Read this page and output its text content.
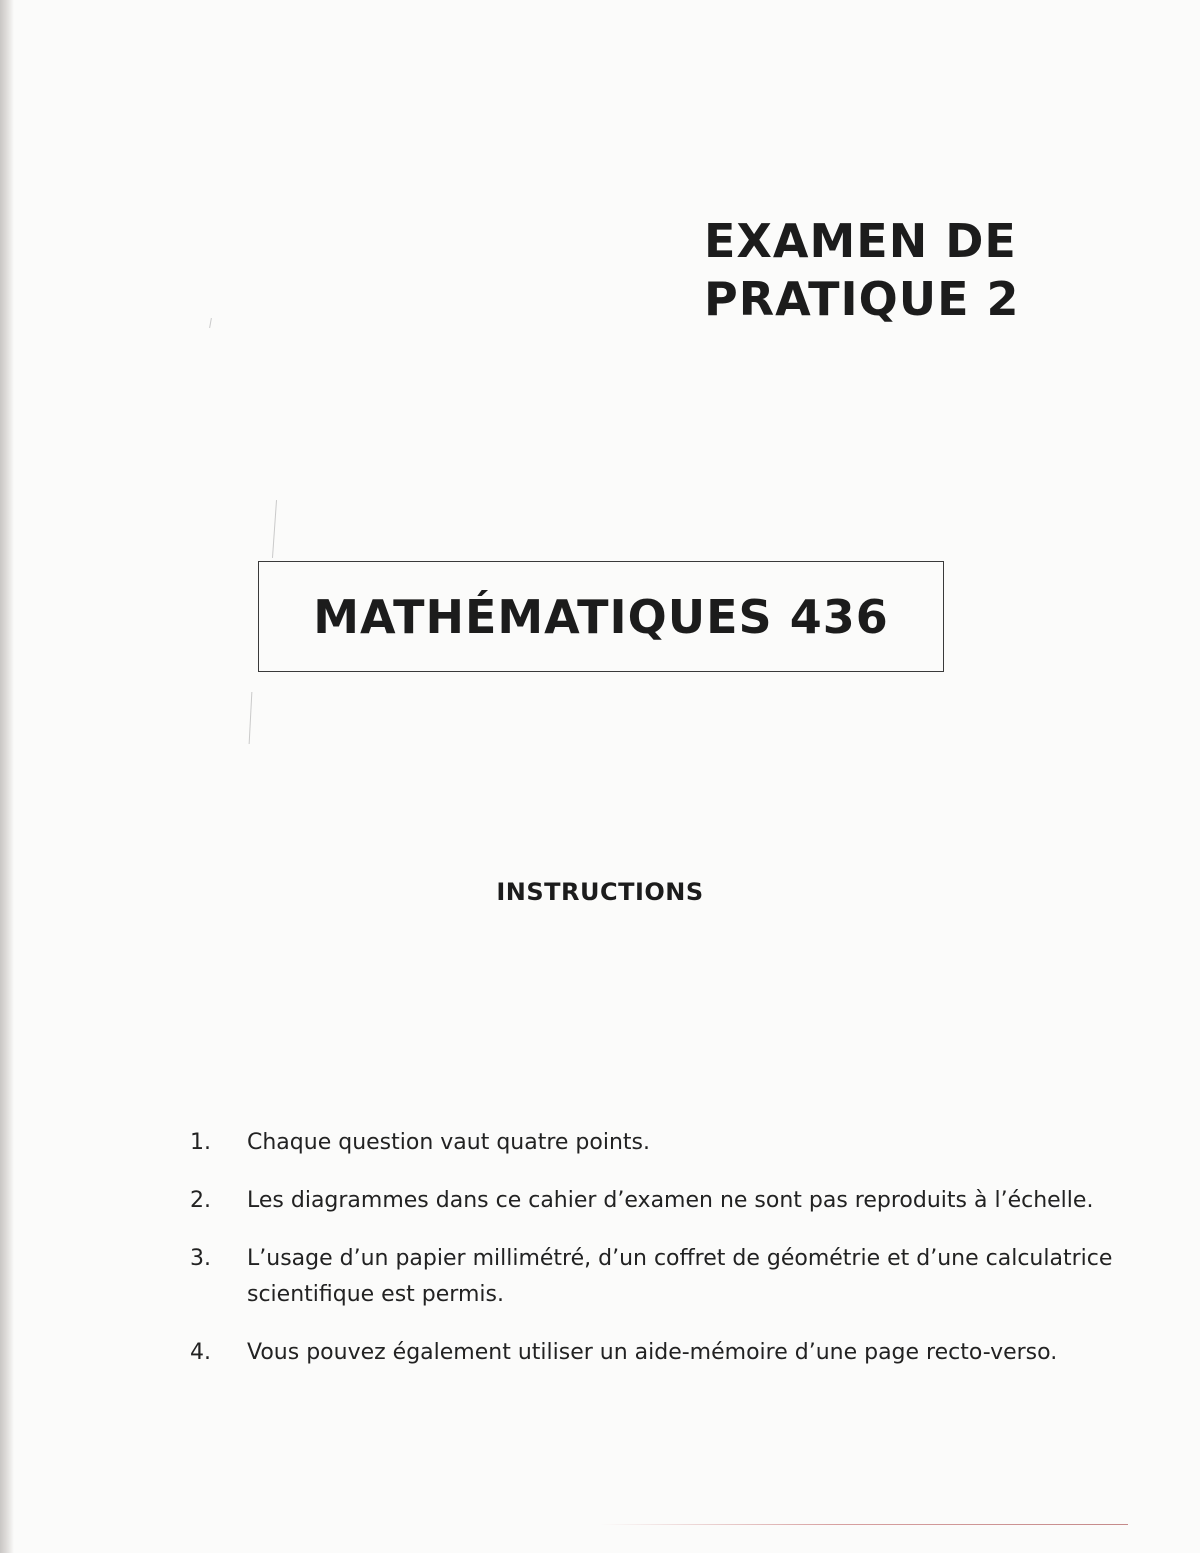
EXAMEN DE
PRATIQUE 2
MATHÉMATIQUES 436
INSTRUCTIONS
1.	Chaque question vaut quatre points.
2.	Les diagrammes dans ce cahier d’examen ne sont pas reproduits à l’échelle.
3.	L’usage d’un papier millimétré, d’un coffret de géométrie et d’une calculatrice scientifique est permis.
4.	Vous pouvez également utiliser un aide-mémoire d’une page recto-verso.
